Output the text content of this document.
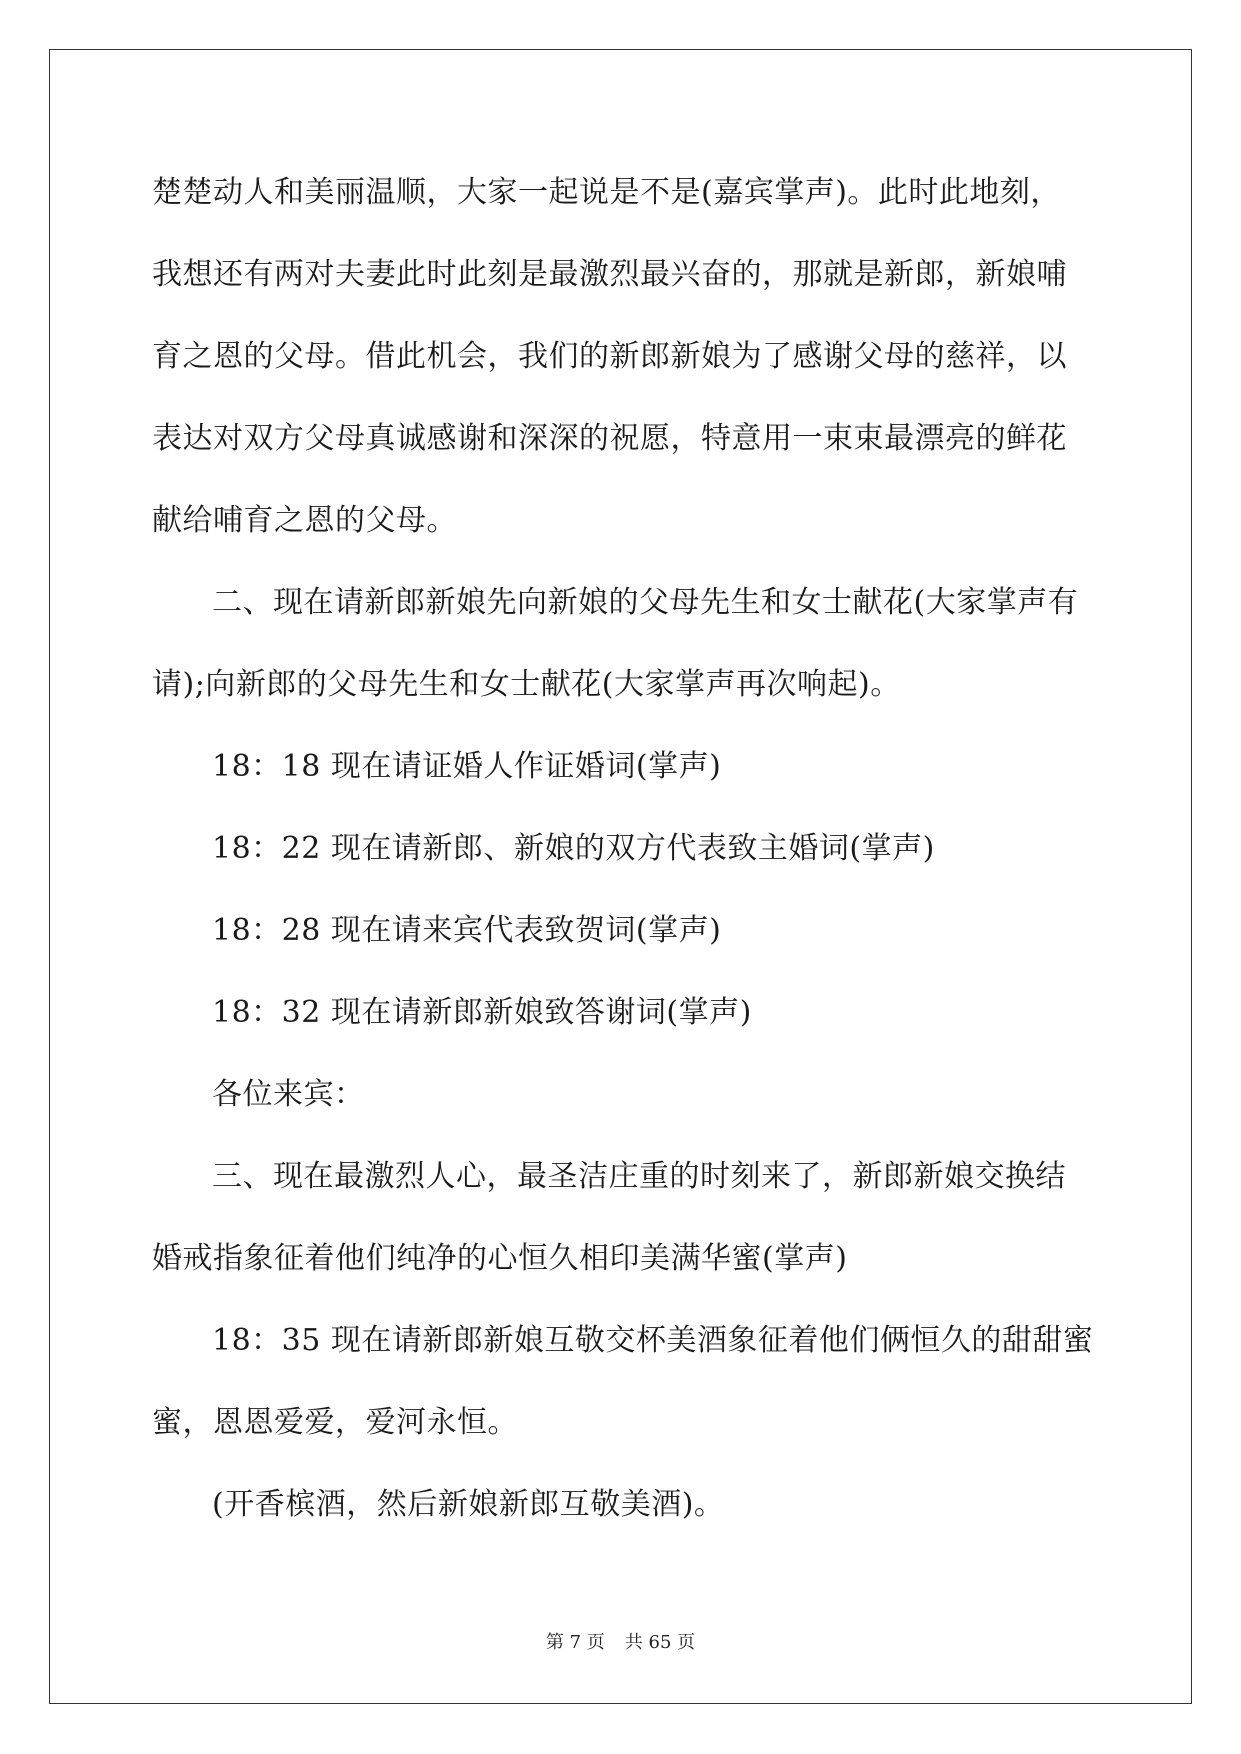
楚楚动人和美丽温顺，大家一起说是不是(嘉宾掌声)。此时此地刻，
我想还有两对夫妻此时此刻是最激烈最兴奋的，那就是新郎，新娘哺
育之恩的父母。借此机会，我们的新郎新娘为了感谢父母的慈祥，以
表达对双方父母真诚感谢和深深的祝愿，特意用一束束最漂亮的鲜花
献给哺育之恩的父母。
二、现在请新郎新娘先向新娘的父母先生和女士献花(大家掌声有
请);向新郎的父母先生和女士献花(大家掌声再次响起)。
18：18 现在请证婚人作证婚词(掌声)
18：22 现在请新郎、新娘的双方代表致主婚词(掌声)
18：28 现在请来宾代表致贺词(掌声)
18：32 现在请新郎新娘致答谢词(掌声)
各位来宾：
三、现在最激烈人心，最圣洁庄重的时刻来了，新郎新娘交换结
婚戒指象征着他们纯净的心恒久相印美满华蜜(掌声)
18：35 现在请新郎新娘互敬交杯美酒象征着他们俩恒久的甜甜蜜
蜜，恩恩爱爱，爱河永恒。
(开香槟酒，然后新娘新郎互敬美酒)。
第 7 页 共 65 页
